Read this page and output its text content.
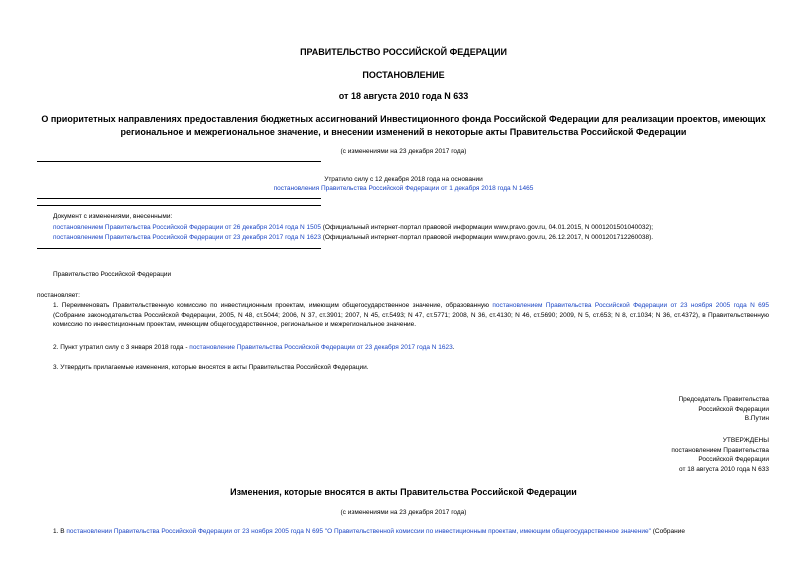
ПРАВИТЕЛЬСТВО РОССИЙСКОЙ ФЕДЕРАЦИИ
ПОСТАНОВЛЕНИЕ
от 18 августа 2010 года N 633
О приоритетных направлениях предоставления бюджетных ассигнований Инвестиционного фонда Российской Федерации для реализации проектов, имеющих региональное и межрегиональное значение, и внесении изменений в некоторые акты Правительства Российской Федерации
(с изменениями на 23 декабря 2017 года)
Утратило силу с 12 декабря 2018 года на основании
постановления Правительства Российской Федерации от 1 декабря 2018 года N 1465
Документ с изменениями, внесенными:
постановлением Правительства Российской Федерации от 26 декабря 2014 года N 1505 (Официальный интернет-портал правовой информации www.pravo.gov.ru, 04.01.2015, N 0001201501040032);
постановлением Правительства Российской Федерации от 23 декабря 2017 года N 1623 (Официальный интернет-портал правовой информации www.pravo.gov.ru, 26.12.2017, N 0001201712260038).
Правительство Российской Федерации
постановляет:
1. Переименовать Правительственную комиссию по инвестиционным проектам, имеющим общегосударственное значение, образованную постановлением Правительства Российской Федерации от 23 ноября 2005 года N 695 (Собрание законодательства Российской Федерации, 2005, N 48, ст.5044; 2006, N 37, ст.3901; 2007, N 45, ст.5493; N 47, ст.5771; 2008, N 36, ст.4130; N 46, ст.5690; 2009, N 5, ст.653; N 8, ст.1034; N 36, ст.4372), в Правительственную комиссию по инвестиционным проектам, имеющим общегосударственное, региональное и межрегиональное значение.
2. Пункт утратил силу с 3 января 2018 года - постановление Правительства Российской Федерации от 23 декабря 2017 года N 1623.
3. Утвердить прилагаемые изменения, которые вносятся в акты Правительства Российской Федерации.
Председатель Правительства
Российской Федерации
В.Путин
УТВЕРЖДЕНЫ
постановлением Правительства
Российской Федерации
от 18 августа 2010 года N 633
Изменения, которые вносятся в акты Правительства Российской Федерации
(с изменениями на 23 декабря 2017 года)
1. В постановлении Правительства Российской Федерации от 23 ноября 2005 года N 695 "О Правительственной комиссии по инвестиционным проектам, имеющим общегосударственное значение" (Собрание
